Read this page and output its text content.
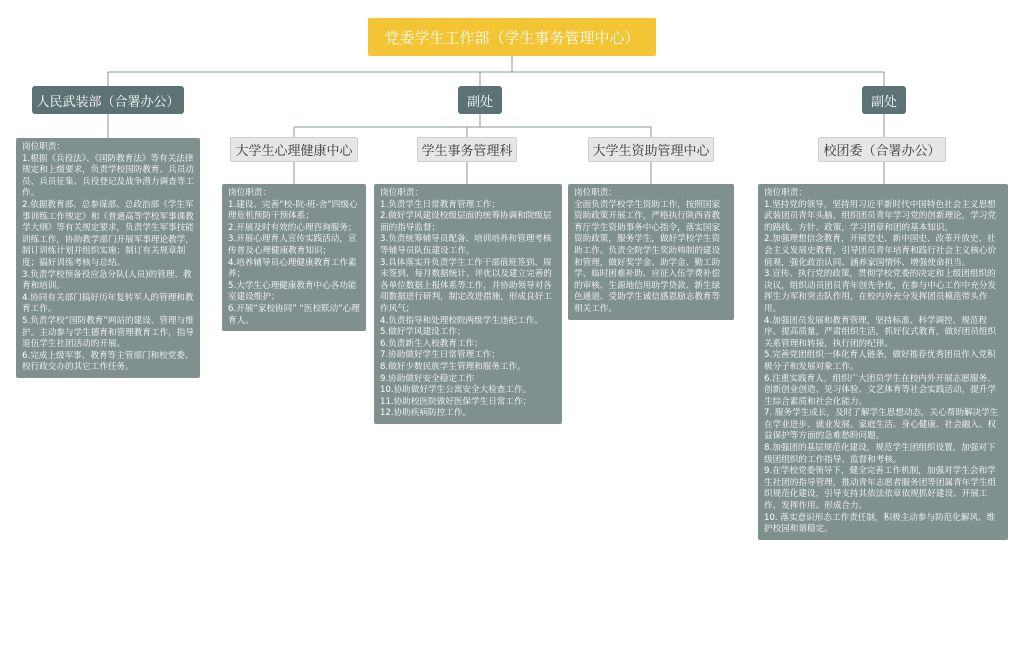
党委学生工作部（学生事务管理中心）
人民武装部（合署办公）	副处	副处
大学生心理健康中心	学生事务管理科	大学生资助管理中心	校团委（合署办公）
岗位职责：
1.根据《兵役法》、《国防教育法》等有关法律规定和上级要求，负责学校国防教育、兵员动员、兵员征集、兵役登记及战争潜力调查等工作。
2.依据教育部、总参谋部、总政治部《学生军事训练工作规定》和《普通高等学校军事课教学大纲》等有关规定要求，负责学生军事技能训练工作，协助教学部门开展军事理论教学，制订训练计划并组织实施；制订有关规章制度；搞好训练考核与总结。
3.负责学校预备役应急分队(人员)的管理、教育和培训。
4.协同有关部门搞好历年复转军人的管理和教育工作。
5.负责学校“国防教育”网站的建设、管理与维护。主动参与学生德育和管理教育工作，指导退伍学生社团活动的开展。
6.完成上级军事、教育等主管部门和校党委、校行政交办的其它工作任务。
岗位职责：
1.建设、完善“校-院-班-舍”四级心理危机预防干预体系；
2.开展及时有效的心理咨询服务；
3.开展心理育人宣传实践活动，宣传普及心理健康教育知识；
4.培养辅导员心理健康教育工作素养；
5.大学生心理健康教育中心各功能室建设维护；
6.开展“家校协同” “医校联动”心理育人。
岗位职责：
1.负责学生日常教育管理工作；
2.做好学风建设校级层面的统筹协调和院级层面的指导监督；
3.负责统筹辅导员配备、培训培养和管理考核等辅导员队伍建设工作。
3.具体落实并负责学生工作干部值班签到、周末签到、每月数据统计、评优以及建立完善的各单位数据上报体系等工作，并协助领导对各项数据进行研判，制定改进措施，形成良好工作风气；
4.负责指导和处理校院两级学生违纪工作。
5.做好学风建设工作；
6.负责新生入校教育工作；
7.协助做好学生日常管理工作；
8.做好少数民族学生管理和服务工作。
9.协助做好安全稳定工作
10.协助做好学生公寓安全大检查工作。
11.协助校医院做好医保学生日常工作；
12.协助疾病防控工作。
岗位职责：
全面负责学校学生资助工作，按照国家资助政策开展工作，严格执行陕西省教育厅学生资助事务中心指令，落实国家资助政策，服务学生，做好学校学生资助工作。负责全院学生奖助帅制的建设和管理，做好奖学金、助学金、勤工助学、临时困难补助、应征入伍学费补偿的审核、生源地信用助学贷款、新生绿色通道、受助学生诚信感恩励志教育等相关工作。
岗位职责：
1.坚持党的领导，坚持用习近平新时代中国特色社会主义思想武装团员青年头脑，组织团员青年学习党的创新理论，学习党的路线、方针、政策，学习团章和团的基本知识。
2.加强理想信念教育，开展党史、新中国史、改革开放史、社会主义发展史教育，引导团员青年培育和践行社会主义核心价值观，强化政治认同、涵养家国情怀、增强使命担当。
3.宣传、执行党的政策，贯彻学校党委的决定和上级团组织的决议，组织动员团员青年创先争优，在参与中心工作中充分发挥生力军和突击队作用，在校内外充分发挥团员模范带头作用。
4.加强团员发展和教育管理，坚持标准、科学调控、规范程序、提高质量，严肃组织生活，抓好仪式教育，做好团员组织关系管理和转接，执行团的纪律。
5.完善党团组织一体化育人链条，做好推荐优秀团员作入党积极分子和发展对象工作。
6.注重实践育人，组织广大团员学生在校内外开展志愿服务、创新创业创造、见习体验、文艺体育等社会实践活动，提升学生综合素质和社会化能力。
7. 服务学生成长，及时了解学生思想动态，关心帮助解决学生在学业进步、就业发展、家庭生活、身心健康、社会融入、权益保护等方面的急难愁盼问题。
8.加强团的基层规范化建设，规范学生团组织设置，加强对下级团组织的工作指导、监督和考核。
9.在学校党委领导下，健全完善工作机制，加强对学生会和学生社团的指导管理，推动青年志愿者服务团等团属青年学生组织规范化建设，引导支持其依法依章依规抓好建设、开展工作、发挥作用、形成合力。
10. 落实意识形态工作责任制，积极主动参与防范化解风、维护校园和谐稳定。
